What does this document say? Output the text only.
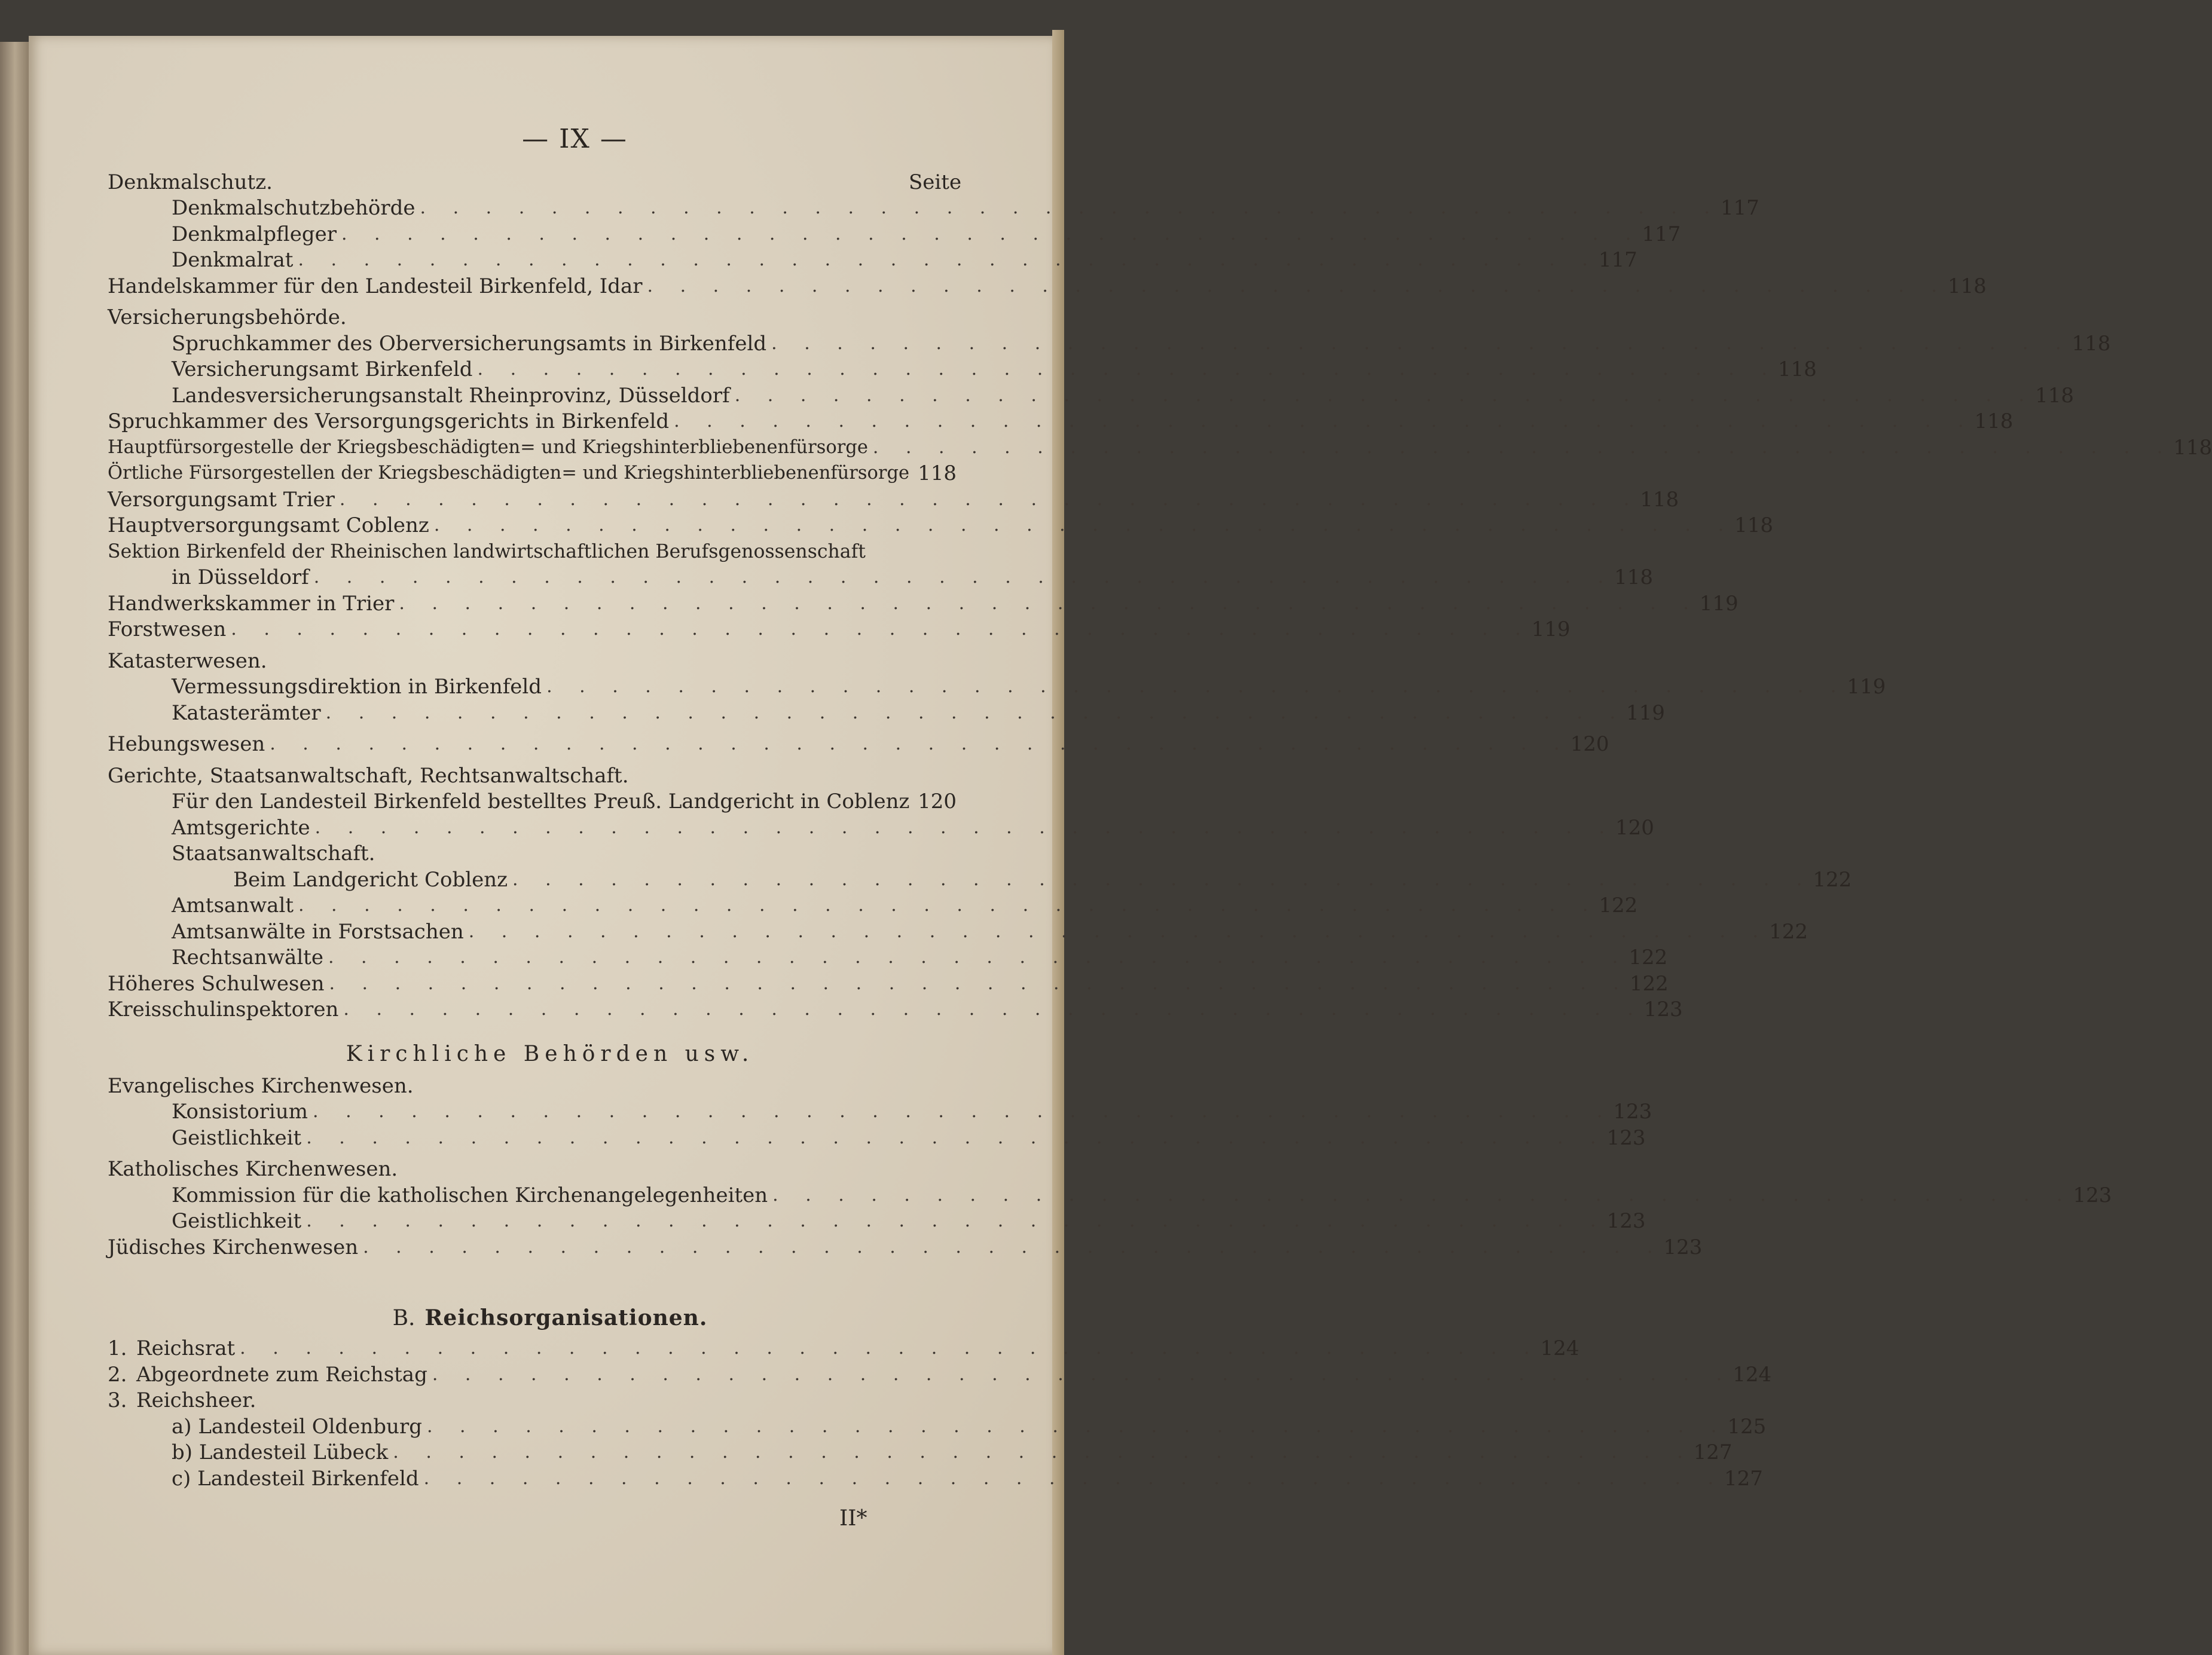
— IX —
Denkmalschutz.	Seite
Denkmalschutzbehörde . . . . . . . . . . . . . . . . . . . . . . . . . . . . . . . . . . . . . . . . 117
Denkmalpfleger . . . . . . . . . . . . . . . . . . . . . . . . . . . . . . . . . . . . . . . . 117
Denkmalrat . . . . . . . . . . . . . . . . . . . . . . . . . . . . . . . . . . . . . . . . 117
Handelskammer für den Landesteil Birkenfeld, Idar . . . . . . . . . . . . . . . . . . . . . . . . . . . . . . . . . . . . . . . . 118
Versicherungsbehörde.
Spruchkammer des Oberversicherungsamts in Birkenfeld . . . . . . . . . . . . . . . . . . . . . . . . . . . . . . . . . . . . . . . . 118
Versicherungsamt Birkenfeld . . . . . . . . . . . . . . . . . . . . . . . . . . . . . . . . . . . . . . . . 118
Landesversicherungsanstalt Rheinprovinz, Düsseldorf . . . . . . . . . . . . . . . . . . . . . . . . . . . . . . . . . . . . . . . . 118
Spruchkammer des Versorgungsgerichts in Birkenfeld . . . . . . . . . . . . . . . . . . . . . . . . . . . . . . . . . . . . . . . . 118
Hauptfürsorgestelle der Kriegsbeschädigten= und Kriegshinterbliebenenfürsorge . . . . . . . . . . . . . . . . . . . . . . . . . . . . . . . . . . . . . . . . 118
Örtliche Fürsorgestellen der Kriegsbeschädigten= und Kriegshinterbliebenenfürsorge 118
Versorgungsamt Trier . . . . . . . . . . . . . . . . . . . . . . . . . . . . . . . . . . . . . . . . 118
Hauptversorgungsamt Coblenz . . . . . . . . . . . . . . . . . . . . . . . . . . . . . . . . . . . . . . . . 118
Sektion Birkenfeld der Rheinischen landwirtschaftlichen Berufsgenossenschaft
in Düsseldorf . . . . . . . . . . . . . . . . . . . . . . . . . . . . . . . . . . . . . . . . 118
Handwerkskammer in Trier . . . . . . . . . . . . . . . . . . . . . . . . . . . . . . . . . . . . . . . . 119
Forstwesen . . . . . . . . . . . . . . . . . . . . . . . . . . . . . . . . . . . . . . . . 119
Katasterwesen.
Vermessungsdirektion in Birkenfeld . . . . . . . . . . . . . . . . . . . . . . . . . . . . . . . . . . . . . . . . 119
Katasterämter . . . . . . . . . . . . . . . . . . . . . . . . . . . . . . . . . . . . . . . . 119
Hebungswesen . . . . . . . . . . . . . . . . . . . . . . . . . . . . . . . . . . . . . . . . 120
Gerichte, Staatsanwaltschaft, Rechtsanwaltschaft.
Für den Landesteil Birkenfeld bestelltes Preuß. Landgericht in Coblenz 120
Amtsgerichte . . . . . . . . . . . . . . . . . . . . . . . . . . . . . . . . . . . . . . . . 120
Staatsanwaltschaft.
Beim Landgericht Coblenz . . . . . . . . . . . . . . . . . . . . . . . . . . . . . . . . . . . . . . . . 122
Amtsanwalt . . . . . . . . . . . . . . . . . . . . . . . . . . . . . . . . . . . . . . . . 122
Amtsanwälte in Forstsachen . . . . . . . . . . . . . . . . . . . . . . . . . . . . . . . . . . . . . . . . 122
Rechtsanwälte . . . . . . . . . . . . . . . . . . . . . . . . . . . . . . . . . . . . . . . . 122
Höheres Schulwesen . . . . . . . . . . . . . . . . . . . . . . . . . . . . . . . . . . . . . . . . 122
Kreisschulinspektoren . . . . . . . . . . . . . . . . . . . . . . . . . . . . . . . . . . . . . . . . 123
Kirchliche Behörden usw.
Evangelisches Kirchenwesen.
Konsistorium . . . . . . . . . . . . . . . . . . . . . . . . . . . . . . . . . . . . . . . . 123
Geistlichkeit . . . . . . . . . . . . . . . . . . . . . . . . . . . . . . . . . . . . . . . . 123
Katholisches Kirchenwesen.
Kommission für die katholischen Kirchenangelegenheiten . . . . . . . . . . . . . . . . . . . . . . . . . . . . . . . . . . . . . . . . 123
Geistlichkeit . . . . . . . . . . . . . . . . . . . . . . . . . . . . . . . . . . . . . . . . 123
Jüdisches Kirchenwesen . . . . . . . . . . . . . . . . . . . . . . . . . . . . . . . . . . . . . . . . 123
B. Reichsorganisationen.
1. Reichsrat . . . . . . . . . . . . . . . . . . . . . . . . . . . . . . . . . . . . . . . . 124
2. Abgeordnete zum Reichstag . . . . . . . . . . . . . . . . . . . . . . . . . . . . . . . . . . . . . . . . 124
3. Reichsheer.
a) Landesteil Oldenburg . . . . . . . . . . . . . . . . . . . . . . . . . . . . . . . . . . . . . . . . 125
b) Landesteil Lübeck . . . . . . . . . . . . . . . . . . . . . . . . . . . . . . . . . . . . . . . . 127
c) Landesteil Birkenfeld . . . . . . . . . . . . . . . . . . . . . . . . . . . . . . . . . . . . . . . . 127
II*
